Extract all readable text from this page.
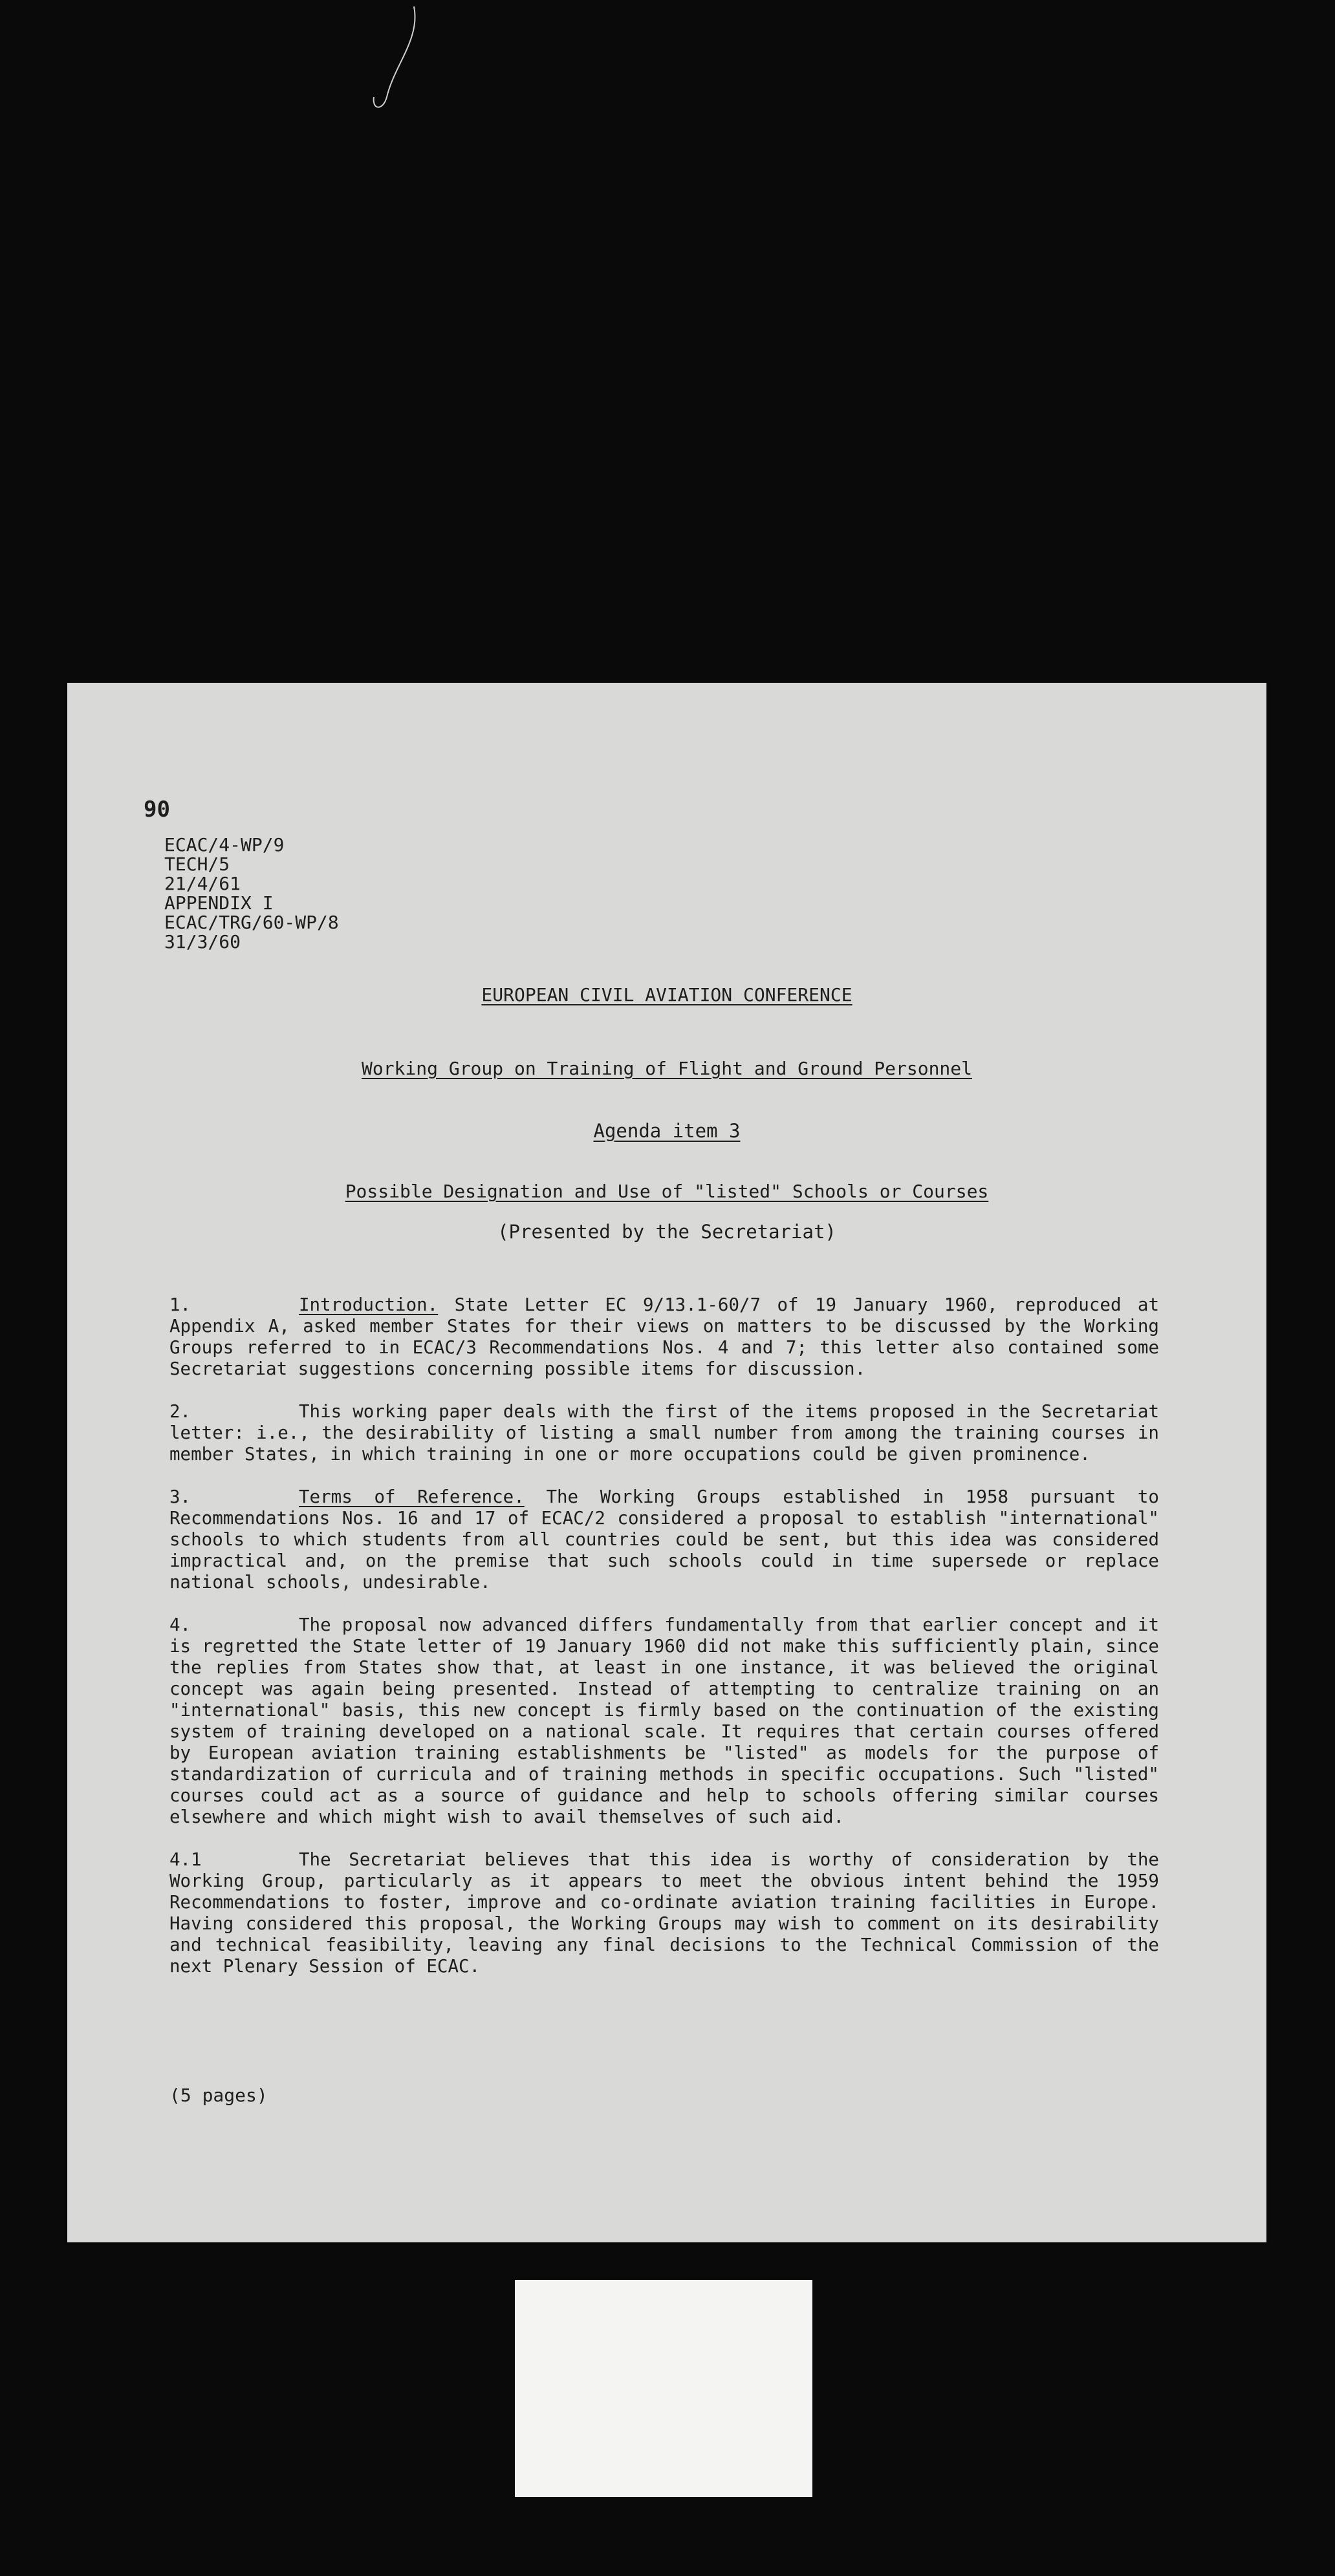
90
ECAC/4-WP/9
TECH/5
21/4/61
APPENDIX I
ECAC/TRG/60-WP/8
31/3/60
EUROPEAN CIVIL AVIATION CONFERENCE
Working Group on Training of Flight and Ground Personnel
Agenda item 3
Possible Designation and Use of "listed" Schools or Courses
(Presented by the Secretariat)

1.	Introduction. State Letter EC 9/13.1-60/7 of 19 January 1960, reproduced at Appendix A, asked member States for their views on matters to be discussed by the Working Groups referred to in ECAC/3 Recommendations Nos. 4 and 7; this letter also contained some Secretariat suggestions concerning possible items for discussion.

2.	This working paper deals with the first of the items proposed in the Secretariat letter: i.e., the desirability of listing a small number from among the training courses in member States, in which training in one or more occupations could be given prominence.

3.	Terms of Reference. The Working Groups established in 1958 pursuant to Recommendations Nos. 16 and 17 of ECAC/2 considered a proposal to establish "international" schools to which students from all countries could be sent, but this idea was considered impractical and, on the premise that such schools could in time supersede or replace national schools, undesirable.

4.	The proposal now advanced differs fundamentally from that earlier concept and it is regretted the State letter of 19 January 1960 did not make this sufficiently plain, since the replies from States show that, at least in one instance, it was believed the original concept was again being presented. Instead of attempting to centralize training on an "international" basis, this new concept is firmly based on the continuation of the existing system of training developed on a national scale. It requires that certain courses offered by European aviation training establishments be "listed" as models for the purpose of standardization of curricula and of training methods in specific occupations. Such "listed" courses could act as a source of guidance and help to schools offering similar courses elsewhere and which might wish to avail themselves of such aid.

4.1	The Secretariat believes that this idea is worthy of consideration by the Working Group, particularly as it appears to meet the obvious intent behind the 1959 Recommendations to foster, improve and co-ordinate aviation training facilities in Europe. Having considered this proposal, the Working Groups may wish to comment on its desirability and technical feasibility, leaving any final decisions to the Technical Commission of the next Plenary Session of ECAC.

(5 pages)
